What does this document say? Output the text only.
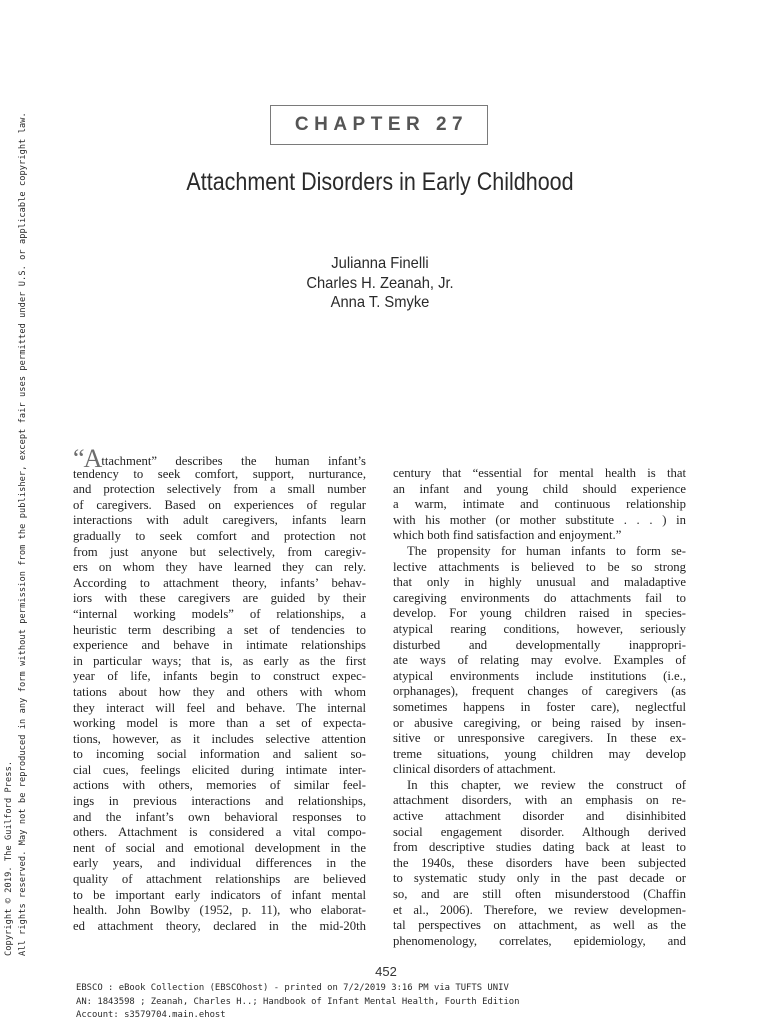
Copyright © 2019. The Guilford Press. All rights reserved. May not be reproduced in any form without permission from the publisher, except fair uses permitted under U.S. or applicable copyright law.	CHAPTER 27
Attachment Disorders in Early Childhood
Julianna Finelli
Charles H. Zeanah, Jr.
Anna T. Smyke
“Attachment” describes the human infant’s
tendency to seek comfort, support, nurturance,
and protection selectively from a small number
of caregivers. Based on experiences of regular
interactions with adult caregivers, infants learn
gradually to seek comfort and protection not
from just anyone but selectively, from caregiv-
ers on whom they have learned they can rely.
According to attachment theory, infants’ behav-
iors with these caregivers are guided by their
“internal working models” of relationships, a
heuristic term describing a set of tendencies to
experience and behave in intimate relationships
in particular ways; that is, as early as the first
year of life, infants begin to construct expec-
tations about how they and others with whom
they interact will feel and behave. The internal
working model is more than a set of expecta-
tions, however, as it includes selective attention
to incoming social information and salient so-
cial cues, feelings elicited during intimate inter-
actions with others, memories of similar feel-
ings in previous interactions and relationships,
and the infant’s own behavioral responses to
others. Attachment is considered a vital compo-
nent of social and emotional development in the
early years, and individual differences in the
quality of attachment relationships are believed
to be important early indicators of infant mental
health. John Bowlby (1952, p. 11), who elaborat-
ed attachment theory, declared in the mid-20th
century that “essential for mental health is that
an infant and young child should experience
a warm, intimate and continuous relationship
with his mother (or mother substitute . . . ) in
which both find satisfaction and enjoyment.”
The propensity for human infants to form se-
lective attachments is believed to be so strong
that only in highly unusual and maladaptive
caregiving environments do attachments fail to
develop. For young children raised in species-
atypical rearing conditions, however, seriously
disturbed and developmentally inappropri-
ate ways of relating may evolve. Examples of
atypical environments include institutions (i.e.,
orphanages), frequent changes of caregivers (as
sometimes happens in foster care), neglectful
or abusive caregiving, or being raised by insen-
sitive or unresponsive caregivers. In these ex-
treme situations, young children may develop
clinical disorders of attachment.
In this chapter, we review the construct of
attachment disorders, with an emphasis on re-
active attachment disorder and disinhibited
social engagement disorder. Although derived
from descriptive studies dating back at least to
the 1940s, these disorders have been subjected
to systematic study only in the past decade or
so, and are still often misunderstood (Chaffin
et al., 2006). Therefore, we review developmen-
tal perspectives on attachment, as well as the
phenomenology, correlates, epidemiology, and
452
EBSCO : eBook Collection (EBSCOhost) - printed on 7/2/2019 3:16 PM via TUFTS UNIV
AN: 1843598 ; Zeanah, Charles H..; Handbook of Infant Mental Health, Fourth Edition
Account: s3579704.main.ehost
